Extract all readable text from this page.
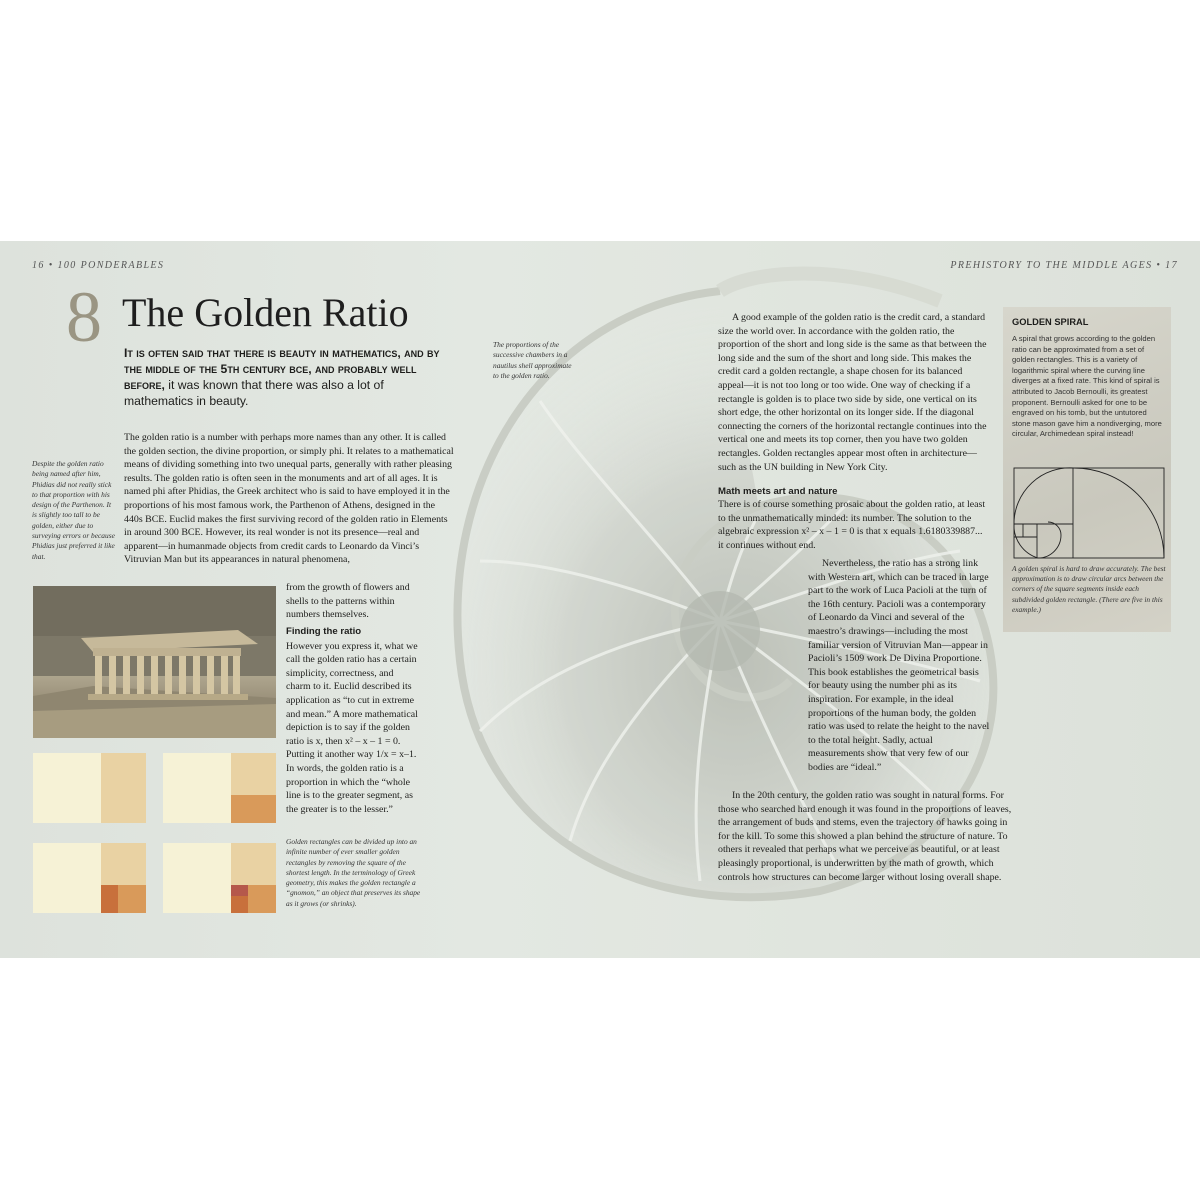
16 • 100 PONDERABLES	PREHISTORY TO THE MIDDLE AGES • 17
8 The Golden Ratio
It is often said that there is beauty in mathematics, and by the middle of the 5th century bce, and probably well before, it was known that there was also a lot of mathematics in beauty.
The proportions of the successive chambers in a nautilus shell approximate to the golden ratio.
Despite the golden ratio being named after him, Phidias did not really stick to that proportion with his design of the Parthenon. It is slightly too tall to be golden, either due to surveying errors or because Phidias just preferred it like that.
The golden ratio is a number with perhaps more names than any other. It is called the golden section, the divine proportion, or simply phi. It relates to a mathematical means of dividing something into two unequal parts, generally with rather pleasing results. The golden ratio is often seen in the monuments and art of all ages. It is named phi after Phidias, the Greek architect who is said to have employed it in the proportions of his most famous work, the Parthenon of Athens, designed in the 440s BCE. Euclid makes the first surviving record of the golden ratio in Elements in around 300 BCE. However, its real wonder is not its presence—real and apparent—in humanmade objects from credit cards to Leonardo da Vinci’s Vitruvian Man but its appearances in natural phenomena,
from the growth of flowers and shells to the patterns within numbers themselves.
Finding the ratio
However you express it, what we call the golden ratio has a certain simplicity, correctness, and charm to it. Euclid described its application as “to cut in extreme and mean.” A more mathematical depiction is to say if the golden ratio is x, then x² – x – 1 = 0. Putting it another way 1/x = x–1. In words, the golden ratio is a proportion in which the “whole line is to the greater segment, as the greater is to the lesser.”
Golden rectangles can be divided up into an infinite number of ever smaller golden rectangles by removing the square of the shortest length. In the terminology of Greek geometry, this makes the golden rectangle a “gnomon,” an object that preserves its shape as it grows (or shrinks).
A good example of the golden ratio is the credit card, a standard size the world over. In accordance with the golden ratio, the proportion of the short and long side is the same as that between the long side and the sum of the short and long side. This makes the credit card a golden rectangle, a shape chosen for its balanced appeal—it is not too long or too wide. One way of checking if a rectangle is golden is to place two side by side, one vertical on its short edge, the other horizontal on its longer side. If the diagonal connecting the corners of the horizontal rectangle continues into the vertical one and meets its top corner, then you have two golden rectangles. Golden rectangles appear most often in architecture—such as the UN building in New York City.
Math meets art and nature
There is of course something prosaic about the golden ratio, at least to the unmathematically minded: its number. The solution to the algebraic expression x² – x – 1 = 0 is that x equals 1.6180339887... it continues without end.
Nevertheless, the ratio has a strong link with Western art, which can be traced in large part to the work of Luca Pacioli at the turn of the 16th century. Pacioli was a contemporary of Leonardo da Vinci and several of the maestro’s drawings—including the most familiar version of Vitruvian Man—appear in Pacioli’s 1509 work De Divina Proportione. This book establishes the geometrical basis for beauty using the number phi as its inspiration. For example, in the ideal proportions of the human body, the golden ratio was used to relate the height to the navel to the total height. Sadly, actual measurements show that very few of our bodies are “ideal.”
In the 20th century, the golden ratio was sought in natural forms. For those who searched hard enough it was found in the proportions of leaves, the arrangement of buds and stems, even the trajectory of hawks going in for the kill. To some this showed a plan behind the structure of nature. To others it revealed that perhaps what we perceive as beautiful, or at least pleasingly proportional, is underwritten by the math of growth, which controls how structures can become larger without losing overall shape.
GOLDEN SPIRAL
A spiral that grows according to the golden ratio can be approximated from a set of golden rectangles. This is a variety of logarithmic spiral where the curving line diverges at a fixed rate. This kind of spiral is attributed to Jacob Bernoulli, its greatest proponent. Bernoulli asked for one to be engraved on his tomb, but the untutored stone mason gave him a nondiverging, more circular, Archimedean spiral instead!
A golden spiral is hard to draw accurately. The best approximation is to draw circular arcs between the corners of the square segments inside each subdivided golden rectangle. (There are five in this example.)
